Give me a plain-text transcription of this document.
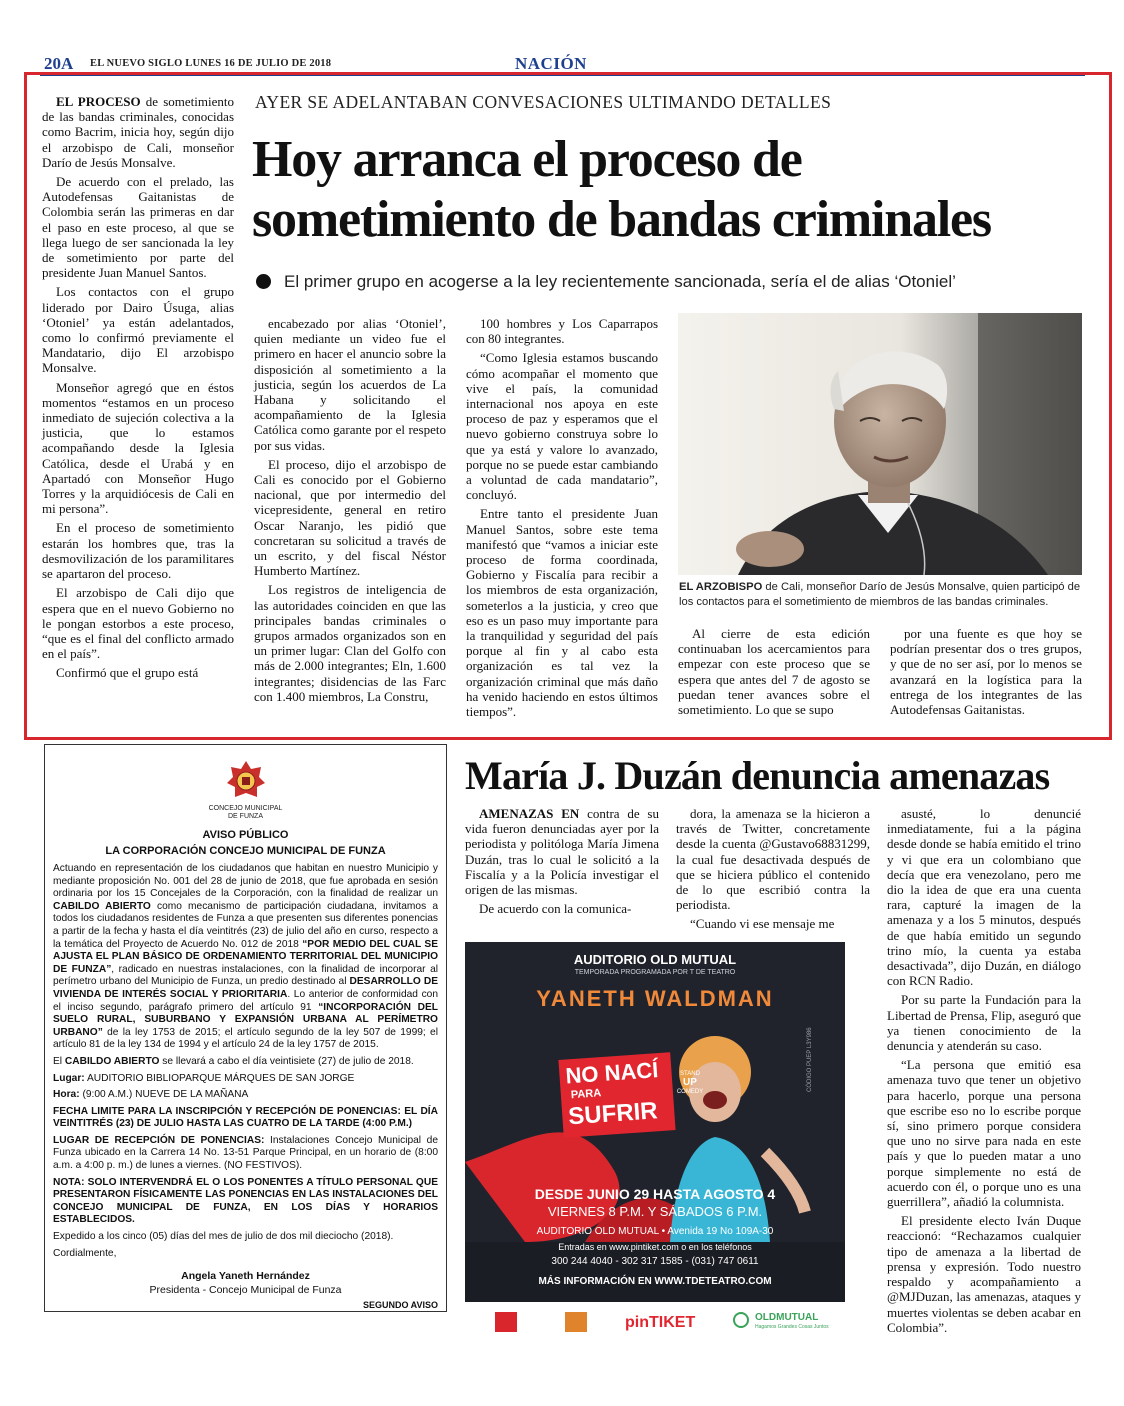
20A EL NUEVO SIGLO LUNES 16 DE JULIO DE 2018	NACIÓN
AYER SE ADELANTABAN CONVESACIONES ULTIMANDO DETALLES
Hoy arranca el proceso de
sometimiento de bandas criminales
El primer grupo en acogerse a la ley recientemente sancionada, sería el de alias ‘Otoniel’

EL PROCESO de sometimiento de las bandas criminales, conocidas como Bacrim, inicia hoy, según dijo el arzobispo de Cali, monseñor Darío de Jesús Monsalve.

De acuerdo con el prelado, las Autodefensas Gaitanistas de Colombia serán las primeras en dar el paso en este proceso, al que se llega luego de ser sancionada la ley de sometimiento por parte del presidente Juan Manuel Santos.

Los contactos con el grupo liderado por Dairo Úsuga, alias ‘Otoniel’ ya están adelantados, como lo confirmó previamente el Mandatario, dijo El arzobispo Monsalve.

Monseñor agregó que en éstos momentos “estamos en un proceso inmediato de sujeción colectiva a la justicia, que lo estamos acompañando desde la Iglesia Católica, desde el Urabá y en Apartadó con Monseñor Hugo Torres y la arquidiócesis de Cali en mi persona”.

En el proceso de sometimiento estarán los hombres que, tras la desmovilización de los paramilitares se apartaron del proceso.

El arzobispo de Cali dijo que espera que en el nuevo Gobierno no le pongan estorbos a este proceso, “que es el final del conflicto armado en el país”.

Confirmó que el grupo está

encabezado por alias ‘Otoniel’, quien mediante un video fue el primero en hacer el anuncio sobre la disposición al sometimiento a la justicia, según los acuerdos de La Habana y solicitando el acompañamiento de la Iglesia Católica como garante por el respeto por sus vidas.

El proceso, dijo el arzobispo de Cali es conocido por el Gobierno nacional, que por intermedio del vicepresidente, general en retiro Oscar Naranjo, les pidió que concretaran su solicitud a través de un escrito, y del fiscal Néstor Humberto Martínez.

Los registros de inteligencia de las autoridades coinciden en que las principales bandas criminales o grupos armados organizados son en un primer lugar: Clan del Golfo con más de 2.000 integrantes; Eln, 1.600 integrantes; disidencias de las Farc con 1.400 miembros, La Constru,

100 hombres y Los Caparrapos con 80 integrantes.

“Como Iglesia estamos buscando cómo acompañar el momento que vive el país, la comunidad internacional nos apoya en este proceso de paz y esperamos que el nuevo gobierno construya sobre lo que ya está y valore lo avanzado, porque no se puede estar cambiando a voluntad de cada mandatario”, concluyó.

Entre tanto el presidente Juan Manuel Santos, sobre este tema manifestó que “vamos a iniciar este proceso de forma coordinada, Gobierno y Fiscalía para recibir a los miembros de esta organización, someterlos a la justicia, y creo que eso es un paso muy importante para la tranquilidad y seguridad del país porque al fin y al cabo esta organización es tal vez la organización criminal que más daño ha venido haciendo en estos últimos tiempos”.

Al cierre de esta edición continuaban los acercamientos para empezar con este proceso que se espera que antes del 7 de agosto se puedan tener avances sobre el sometimiento. Lo que se supo

por una fuente es que hoy se podrían presentar dos o tres grupos, y que de no ser así, por lo menos se avanzará en la logística para la entrega de los integrantes de las Autodefensas Gaitanistas.

EL ARZOBISPO de Cali, monseñor Darío de Jesús Monsalve, quien participó de los contactos para el sometimiento de miembros de las bandas criminales.
CONCEJO MUNICIPAL
DE FUNZA
AVISO PÚBLICO
LA CORPORACIÓN CONCEJO MUNICIPAL DE FUNZA
Actuando en representación de los ciudadanos que habitan en nuestro Municipio y mediante proposición No. 001 del 28 de junio de 2018, que fue aprobada en sesión ordinaria por los 15 Concejales de la Corporación, con la finalidad de realizar un CABILDO ABIERTO como mecanismo de participación ciudadana, invitamos a todos los ciudadanos residentes de Funza a que presenten sus diferentes ponencias a partir de la fecha y hasta el día veintitrés (23) de julio del año en curso, respecto a la temática del Proyecto de Acuerdo No. 012 de 2018 “POR MEDIO DEL CUAL SE AJUSTA EL PLAN BÁSICO DE ORDENAMIENTO TERRITORIAL DEL MUNICIPIO DE FUNZA”, radicado en nuestras instalaciones, con la finalidad de incorporar al perímetro urbano del Municipio de Funza, un predio destinado al DESARROLLO DE VIVIENDA DE INTERÉS SOCIAL Y PRIORITARIA. Lo anterior de conformidad con el inciso segundo, parágrafo primero del artículo 91 “INCORPORACIÓN DEL SUELO RURAL, SUBURBANO Y EXPANSIÓN URBANA AL PERÍMETRO URBANO” de la ley 1753 de 2015; el artículo segundo de la ley 507 de 1999; el artículo 81 de la ley 134 de 1994 y el artículo 24 de la ley 1757 de 2015.
El CABILDO ABIERTO se llevará a cabo el día veintisiete (27) de julio de 2018.
Lugar: AUDITORIO BIBLIOPARQUE MÁRQUES DE SAN JORGE
Hora: (9:00 A.M.) NUEVE DE LA MAÑANA
FECHA LIMITE PARA LA INSCRIPCIÓN Y RECEPCIÓN DE PONENCIAS: EL DÍA VEINTITRÉS (23) DE JULIO HASTA LAS CUATRO DE LA TARDE (4:00 P.M.)
LUGAR DE RECEPCIÓN DE PONENCIAS: Instalaciones Concejo Municipal de Funza ubicado en la Carrera 14 No. 13-51 Parque Principal, en un horario de (8:00 a.m. a 4:00 p. m.) de lunes a viernes. (NO FESTIVOS).
NOTA: SOLO INTERVENDRÁ EL O LOS PONENTES A TÍTULO PERSONAL QUE PRESENTARON FÍSICAMENTE LAS PONENCIAS EN LAS INSTALACIONES DEL CONCEJO MUNICIPAL DE FUNZA, EN LOS DÍAS Y HORARIOS ESTABLECIDOS.
Expedido a los cinco (05) días del mes de julio de dos mil dieciocho (2018).
Cordialmente,
Angela Yaneth Hernández
Presidenta - Concejo Municipal de Funza
SEGUNDO AVISO
María J. Duzán denuncia amenazas

AMENAZAS EN contra de su vida fueron denunciadas ayer por la periodista y politóloga María Jimena Duzán, tras lo cual le solicitó a la Fiscalía y a la Policía investigar el origen de las mismas.

De acuerdo con la comunica-

dora, la amenaza se la hicieron a través de Twitter, concretamente desde la cuenta @Gustavo68831299, la cual fue desactivada después de que se hiciera público el contenido de lo que escribió contra la periodista.

“Cuando vi ese mensaje me

asusté, lo denuncié inmediatamente, fui a la página desde donde se había emitido el trino y vi que era un colombiano que decía que era venezolano, pero me dio la idea de que era una cuenta rara, capturé la imagen de la amenaza y a los 5 minutos, después de que había emitido un segundo trino mío, la cuenta ya estaba desactivada”, dijo Duzán, en diálogo con RCN Radio.

Por su parte la Fundación para la Libertad de Prensa, Flip, aseguró que ya tienen conocimiento de la denuncia y atenderán su caso.

“La persona que emitió esa amenaza tuvo que tener un objetivo para hacerlo, porque una persona que escribe eso no lo escribe porque sí, sino primero porque considera que uno no sirve para nada en este país y que lo pueden matar a uno porque simplemente no está de acuerdo con él, o porque uno es una guerrillera”, añadió la columnista.

El presidente electo Iván Duque reaccionó: “Rechazamos cualquier tipo de amenaza a la libertad de prensa y expresión. Todo nuestro respaldo y acompañamiento a @MJDuzan, las amenazas, ataques y muertes violentas se deben acabar en Colombia”.

AUDITORIO OLD MUTUAL
TEMPORADA PROGRAMADA POR T DE TEATRO
YANETH WALDMAN
NO NACÍ
PARA
SUFRIR
STAND
UP
COMEDY	CÓDIGO PUEP L3Y986
DESDE JUNIO 29 HASTA AGOSTO 4
VIERNES 8 P.M. Y SÁBADOS 6 P.M.
AUDITORIO OLD MUTUAL • Avenida 19 No 109A-30
Entradas en www.pintiket.com o en los teléfonos
300 244 4040 - 302 317 1585 - (031) 747 0611
MÁS INFORMACIÓN EN WWW.TDETEATRO.COM
pinTIKET	OLDMUTUAL
Hagamos Grandes Cosas Juntos
